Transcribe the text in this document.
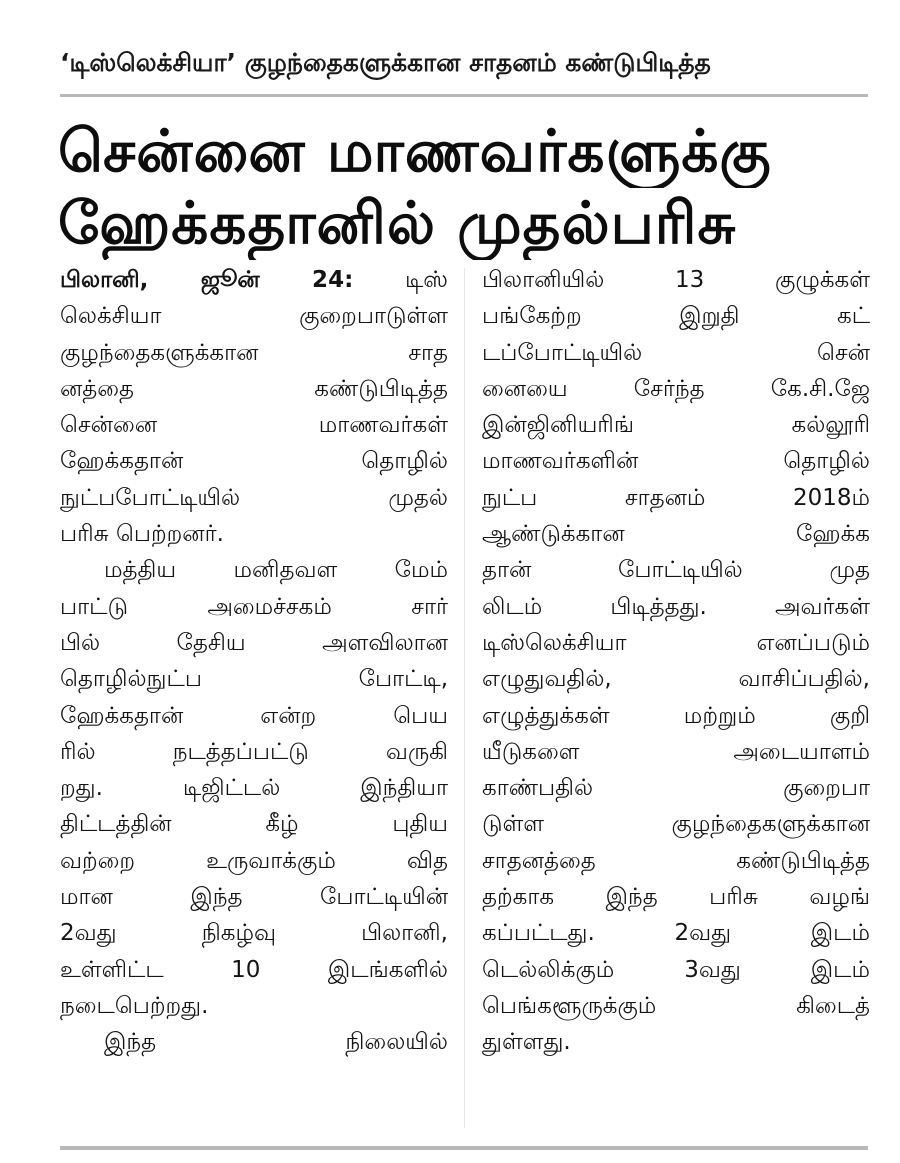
‘டிஸ்லெக்சியா’ குழந்தைகளுக்கான சாதனம் கண்டுபிடித்த
சென்னை மாணவர்களுக்கு
ஹேக்கதானில் முதல்பரிசு
பிலானி, ஜூன் 24: டிஸ்
லெக்சியா குறைபாடுள்ள
குழந்தைகளுக்கான சாத
னத்தை கண்டுபிடித்த
சென்னை மாணவர்கள்
ஹேக்கதான் தொழில்
நுட்பபோட்டியில் முதல்
பரிசு பெற்றனர்.
மத்திய மனிதவள மேம்
பாட்டு அமைச்சகம் சார்
பில் தேசிய அளவிலான
தொழில்நுட்ப போட்டி,
ஹேக்கதான் என்ற பெய
ரில் நடத்தப்பட்டு வருகி
றது. டிஜிட்டல் இந்தியா
திட்டத்தின் கீழ் புதிய
வற்றை உருவாக்கும் வித
மான இந்த போட்டியின்
2வது நிகழ்வு பிலானி,
உள்ளிட்ட 10 இடங்களில்
நடைபெற்றது.
இந்த நிலையில்
பிலானியில் 13 குழுக்கள்
பங்கேற்ற இறுதி கட்
டப்போட்டியில் சென்
னையை சேர்ந்த கே.சி.ஜே
இன்ஜினியரிங் கல்லூரி
மாணவர்களின் தொழில்
நுட்ப சாதனம் 2018ம்
ஆண்டுக்கான ஹேக்க
தான் போட்டியில் முத
லிடம் பிடித்தது. அவர்கள்
டிஸ்லெக்சியா எனப்படும்
எழுதுவதில், வாசிப்பதில்,
எழுத்துக்கள் மற்றும் குறி
யீடுகளை அடையாளம்
காண்பதில் குறைபா
டுள்ள குழந்தைகளுக்கான
சாதனத்தை கண்டுபிடித்த
தற்காக இந்த பரிசு வழங்
கப்பட்டது. 2வது இடம்
டெல்லிக்கும் 3வது இடம்
பெங்களூருக்கும் கிடைத்
துள்ளது.
